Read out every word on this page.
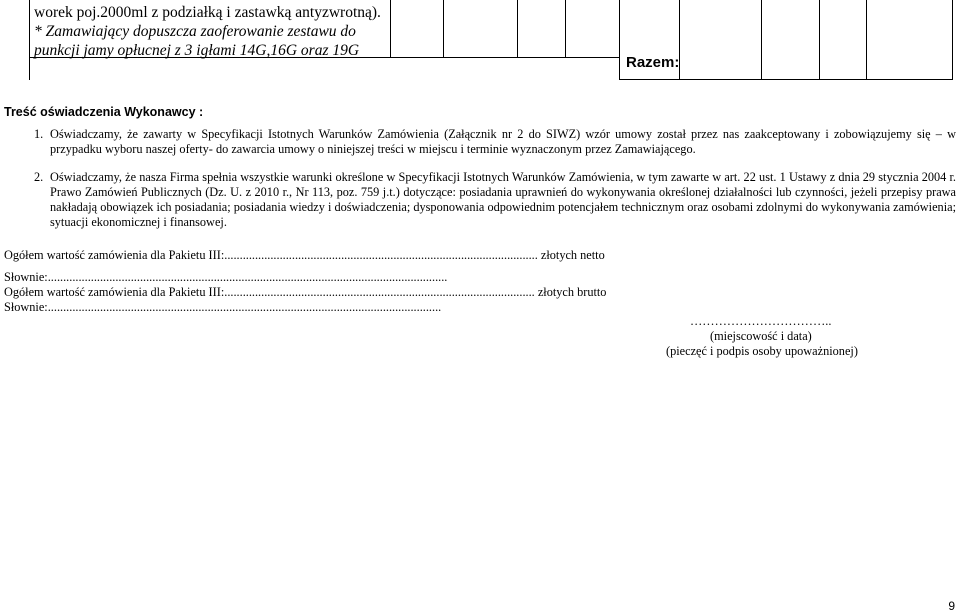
worek poj.2000ml z podziałką i zastawką antyzwrotną).
* Zamawiający dopuszcza zaoferowanie zestawu do
punkcji jamy opłucnej z 3 igłami 14G,16G oraz 19G
Razem:
Treść oświadczenia Wykonawcy :
1. Oświadczamy, że zawarty w Specyfikacji Istotnych Warunków Zamówienia (Załącznik nr 2 do SIWZ) wzór umowy został przez nas zaakceptowany i zobowiązujemy się – w przypadku wyboru naszej oferty- do zawarcia umowy o niniejszej treści w miejscu i terminie wyznaczonym przez Zamawiającego.
2. Oświadczamy, że nasza Firma spełnia wszystkie warunki określone w Specyfikacji Istotnych Warunków Zamówienia, w tym zawarte w art. 22 ust. 1 Ustawy z dnia 29 stycznia 2004 r. Prawo Zamówień Publicznych (Dz. U. z 2010 r., Nr 113, poz. 759 j.t.) dotyczące: posiadania uprawnień do wykonywania określonej działalności lub czynności, jeżeli przepisy prawa nakładają obowiązek ich posiadania; posiadania wiedzy i doświadczenia; dysponowania odpowiednim potencjałem technicznym oraz osobami zdolnymi do wykonywania zamówienia; sytuacji ekonomicznej i finansowej.
Ogółem wartość zamówienia dla Pakietu III:...................................................................................................... złotych netto
Słownie:..................................................................................................................................
Ogółem wartość zamówienia dla Pakietu III:..................................................................................................... złotych brutto
Słownie:................................................................................................................................
……………………………..
(miejscowość i data)
(pieczęć i podpis osoby upoważnionej)
9
